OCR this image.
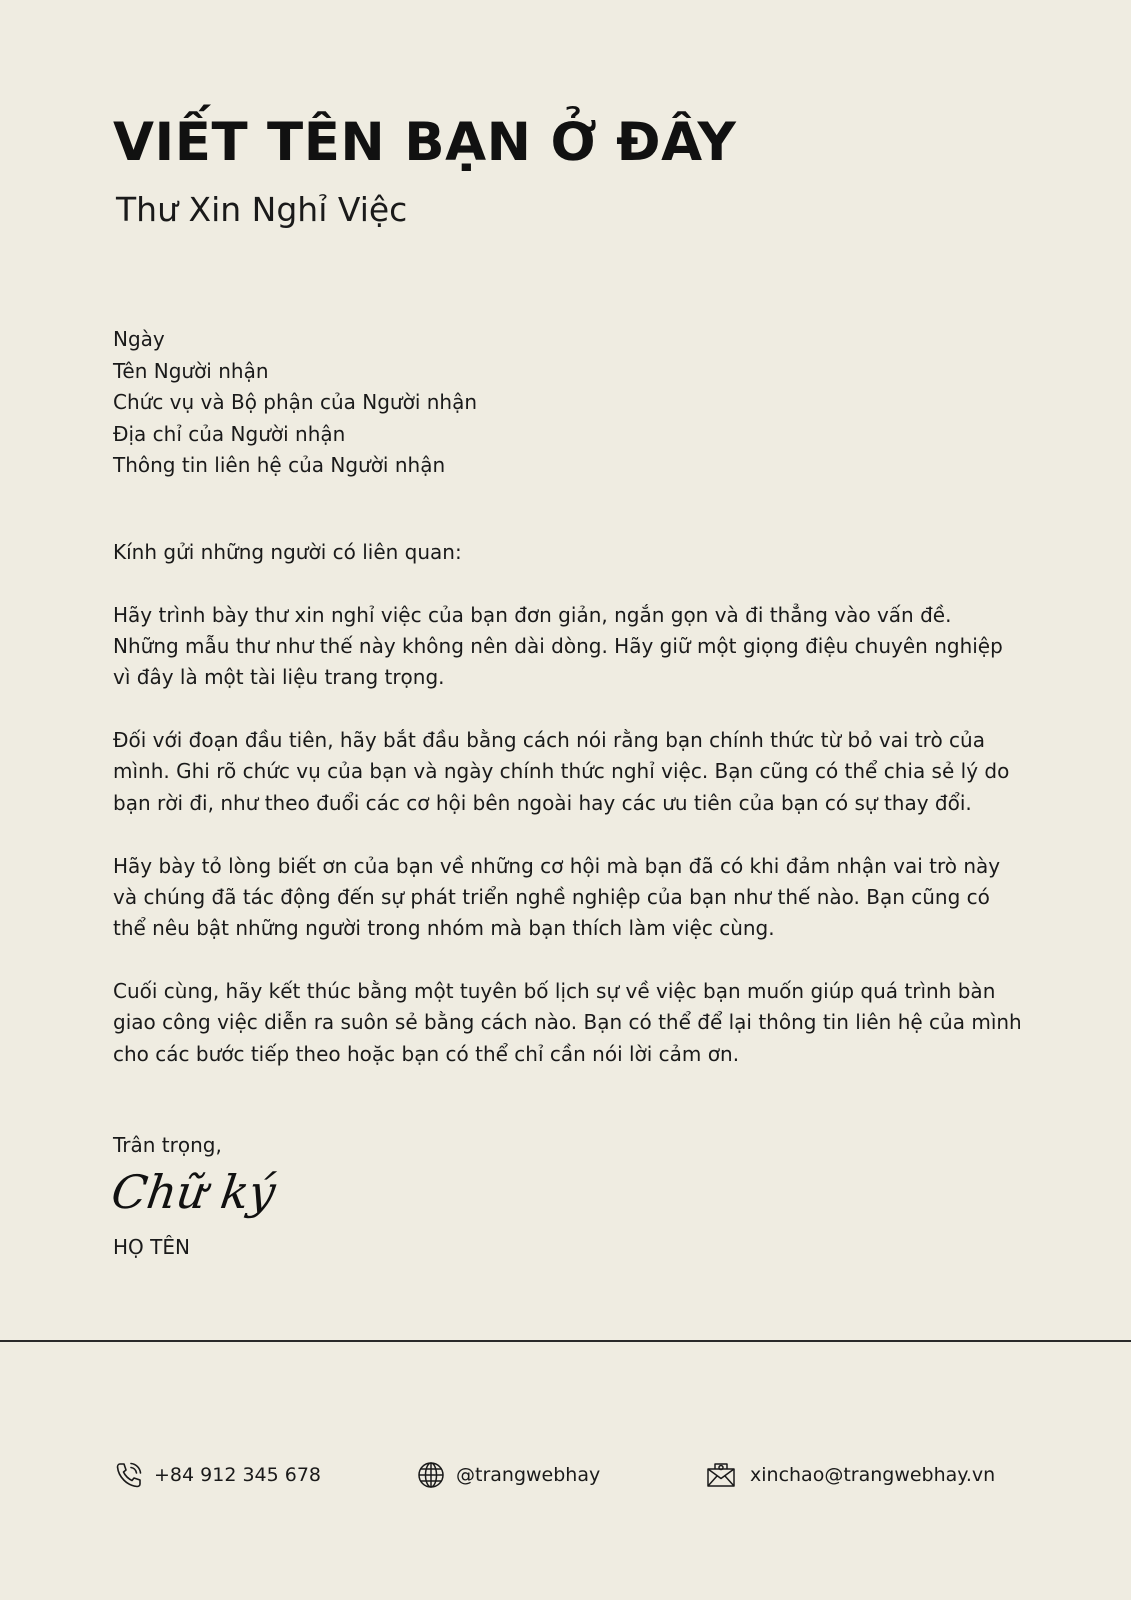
VIẾT TÊN BẠN Ở ĐÂY
Thư Xin Nghỉ Việc
Ngày
Tên Người nhận
Chức vụ và Bộ phận của Người nhận
Địa chỉ của Người nhận
Thông tin liên hệ của Người nhận

Kính gửi những người có liên quan:

Hãy trình bày thư xin nghỉ việc của bạn đơn giản, ngắn gọn và đi thẳng vào vấn đề. Những mẫu thư như thế này không nên dài dòng. Hãy giữ một giọng điệu chuyên nghiệp vì đây là một tài liệu trang trọng.

Đối với đoạn đầu tiên, hãy bắt đầu bằng cách nói rằng bạn chính thức từ bỏ vai trò của mình. Ghi rõ chức vụ của bạn và ngày chính thức nghỉ việc. Bạn cũng có thể chia sẻ lý do bạn rời đi, như theo đuổi các cơ hội bên ngoài hay các ưu tiên của bạn có sự thay đổi.

Hãy bày tỏ lòng biết ơn của bạn về những cơ hội mà bạn đã có khi đảm nhận vai trò này và chúng đã tác động đến sự phát triển nghề nghiệp của bạn như thế nào. Bạn cũng có thể nêu bật những người trong nhóm mà bạn thích làm việc cùng.

Cuối cùng, hãy kết thúc bằng một tuyên bố lịch sự về việc bạn muốn giúp quá trình bàn giao công việc diễn ra suôn sẻ bằng cách nào. Bạn có thể để lại thông tin liên hệ của mình cho các bước tiếp theo hoặc bạn có thể chỉ cần nói lời cảm ơn.

Trân trọng,
Chữ ký
HỌ TÊN
+84 912 345 678	@trangwebhay	xinchao@trangwebhay.vn
